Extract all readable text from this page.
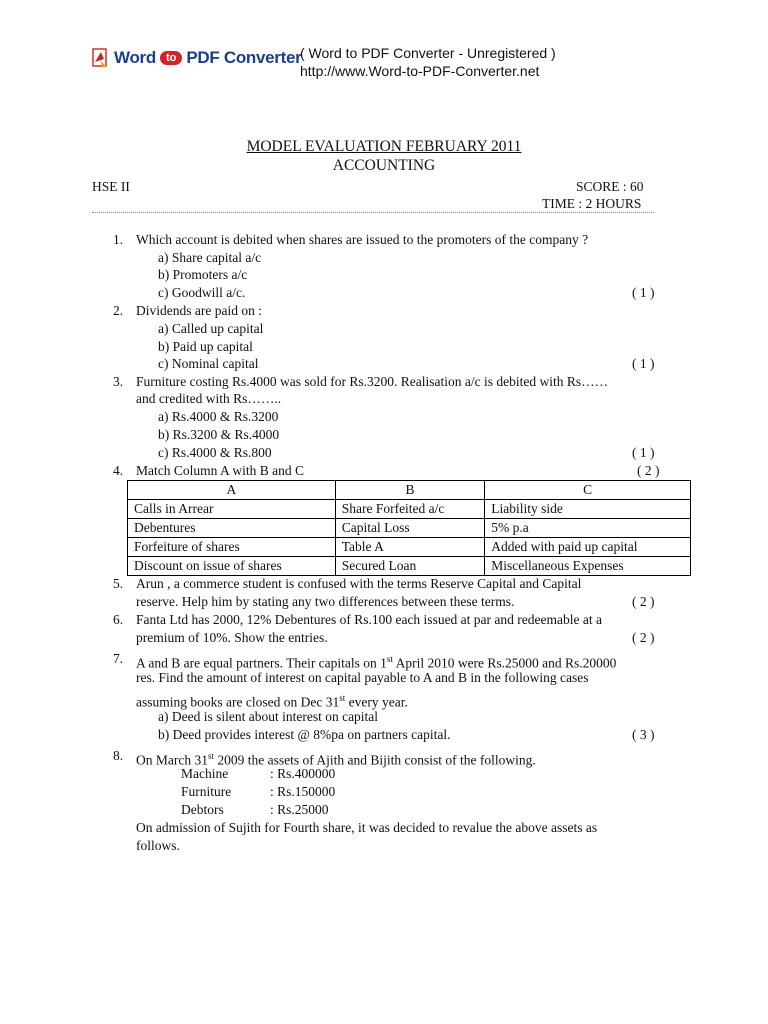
Word to PDF Converter
( Word to PDF Converter - Unregistered )
http://www.Word-to-PDF-Converter.net
MODEL EVALUATION FEBRUARY 2011
ACCOUNTING
HSE II	SCORE : 60
TIME : 2 HOURS
1. Which account is debited when shares are issued to the promoters of the company ?
a) Share capital a/c
b) Promoters a/c
c) Goodwill a/c.	( 1 )
2. Dividends are paid on :
a) Called up capital
b) Paid up capital
c) Nominal capital	( 1 )
3. Furniture costing Rs.4000 was sold for Rs.3200. Realisation a/c is debited with Rs……
and credited with Rs……..
a) Rs.4000 & Rs.3200
b) Rs.3200 & Rs.4000
c) Rs.4000 & Rs.800	( 1 )
4. Match Column A with B and C	( 2 )
A	B	C
Calls in Arrear	Share Forfeited a/c	Liability side
Debentures	Capital Loss	5% p.a
Forfeiture of shares	Table A	Added with paid up capital
Discount on issue of shares	Secured Loan	Miscellaneous Expenses
5. Arun , a commerce student is confused with the terms Reserve Capital and Capital
reserve. Help him by stating any two differences between these terms.	( 2 )
6. Fanta Ltd has 2000, 12% Debentures of Rs.100 each issued at par and redeemable at a
premium of 10%. Show the entries.	( 2 )
7. A and B are equal partners. Their capitals on 1st April 2010 were Rs.25000 and Rs.20000
res. Find the amount of interest on capital payable to A and B in the following cases
assuming books are closed on Dec 31st every year.
a) Deed is silent about interest on capital
b) Deed provides interest @ 8%pa on partners capital.	( 3 )
8. On March 31st 2009 the assets of Ajith and Bijith consist of the following.
Machine	: Rs.400000
Furniture	: Rs.150000
Debtors	: Rs.25000
On admission of Sujith for Fourth share, it was decided to revalue the above assets as
follows.
